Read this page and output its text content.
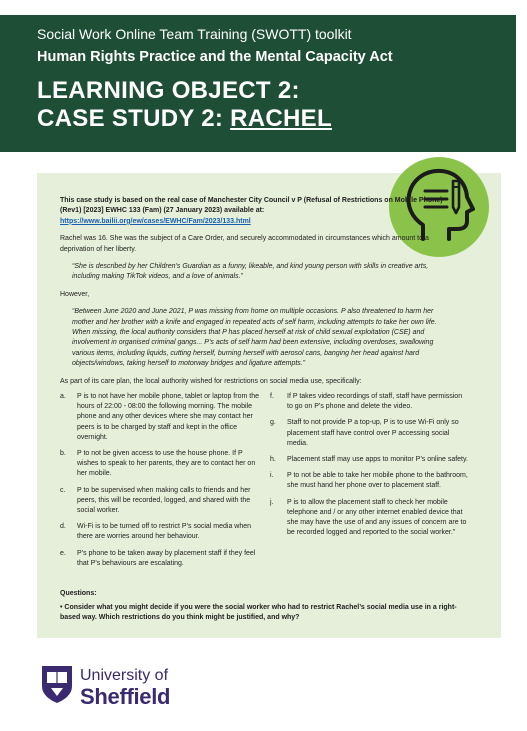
Social Work Online Team Training (SWOTT) toolkit
Human Rights Practice and the Mental Capacity Act
LEARNING OBJECT 2:
CASE STUDY 2: RACHEL

This case study is based on the real case of Manchester City Council v P (Refusal of Restrictions on Mobile Phone) (Rev1) [2023] EWHC 133 (Fam) (27 January 2023) available at: https://www.bailii.org/ew/cases/EWHC/Fam/2023/133.html

Rachel was 16. She was the subject of a Care Order, and securely accommodated in circumstances which amount to a deprivation of her liberty.

“She is described by her Children’s Guardian as a funny, likeable, and kind young person with skills in creative arts, including making TikTok videos, and a love of animals.”

However,

“Between June 2020 and June 2021, P was missing from home on multiple occasions. P also threatened to harm her mother and her brother with a knife and engaged in repeated acts of self harm, including attempts to take her own life. When missing, the local authority considers that P has placed herself at risk of child sexual exploitation (CSE) and involvement in organised criminal gangs... P’s acts of self harm had been extensive, including overdoses, swallowing various items, including liquids, cutting herself, burning herself with aerosol cans, banging her head against hard objects/windows, taking herself to motorway bridges and ligature attempts.”

As part of its care plan, the local authority wished for restrictions on social media use, specifically:

a. P is to not have her mobile phone, tablet or laptop from the hours of 22:00 - 08:00 the following morning. The mobile phone and any other devices where she may contact her peers is to be charged by staff and kept in the office overnight.
b. P to not be given access to use the house phone. If P wishes to speak to her parents, they are to contact her on her mobile.
c. P to be supervised when making calls to friends and her peers, this will be recorded, logged, and shared with the social worker.
d. Wi-Fi is to be turned off to restrict P’s social media when there are worries around her behaviour.
e. P’s phone to be taken away by placement staff if they feel that P’s behaviours are escalating.
f. If P takes video recordings of staff, staff have permission to go on P’s phone and delete the video.
g. Staff to not provide P a top-up, P is to use Wi-Fi only so placement staff have control over P accessing social media.
h. Placement staff may use apps to monitor P’s online safety.
i. P to not be able to take her mobile phone to the bathroom, she must hand her phone over to placement staff.
j. P is to allow the placement staff to check her mobile telephone and / or any other internet enabled device that she may have the use of and any issues of concern are to be recorded logged and reported to the social worker.”
Questions:
• Consider what you might decide if you were the social worker who had to restrict Rachel’s social media use in a right-based way. Which restrictions do you think might be justified, and why?
University of
Sheffield
